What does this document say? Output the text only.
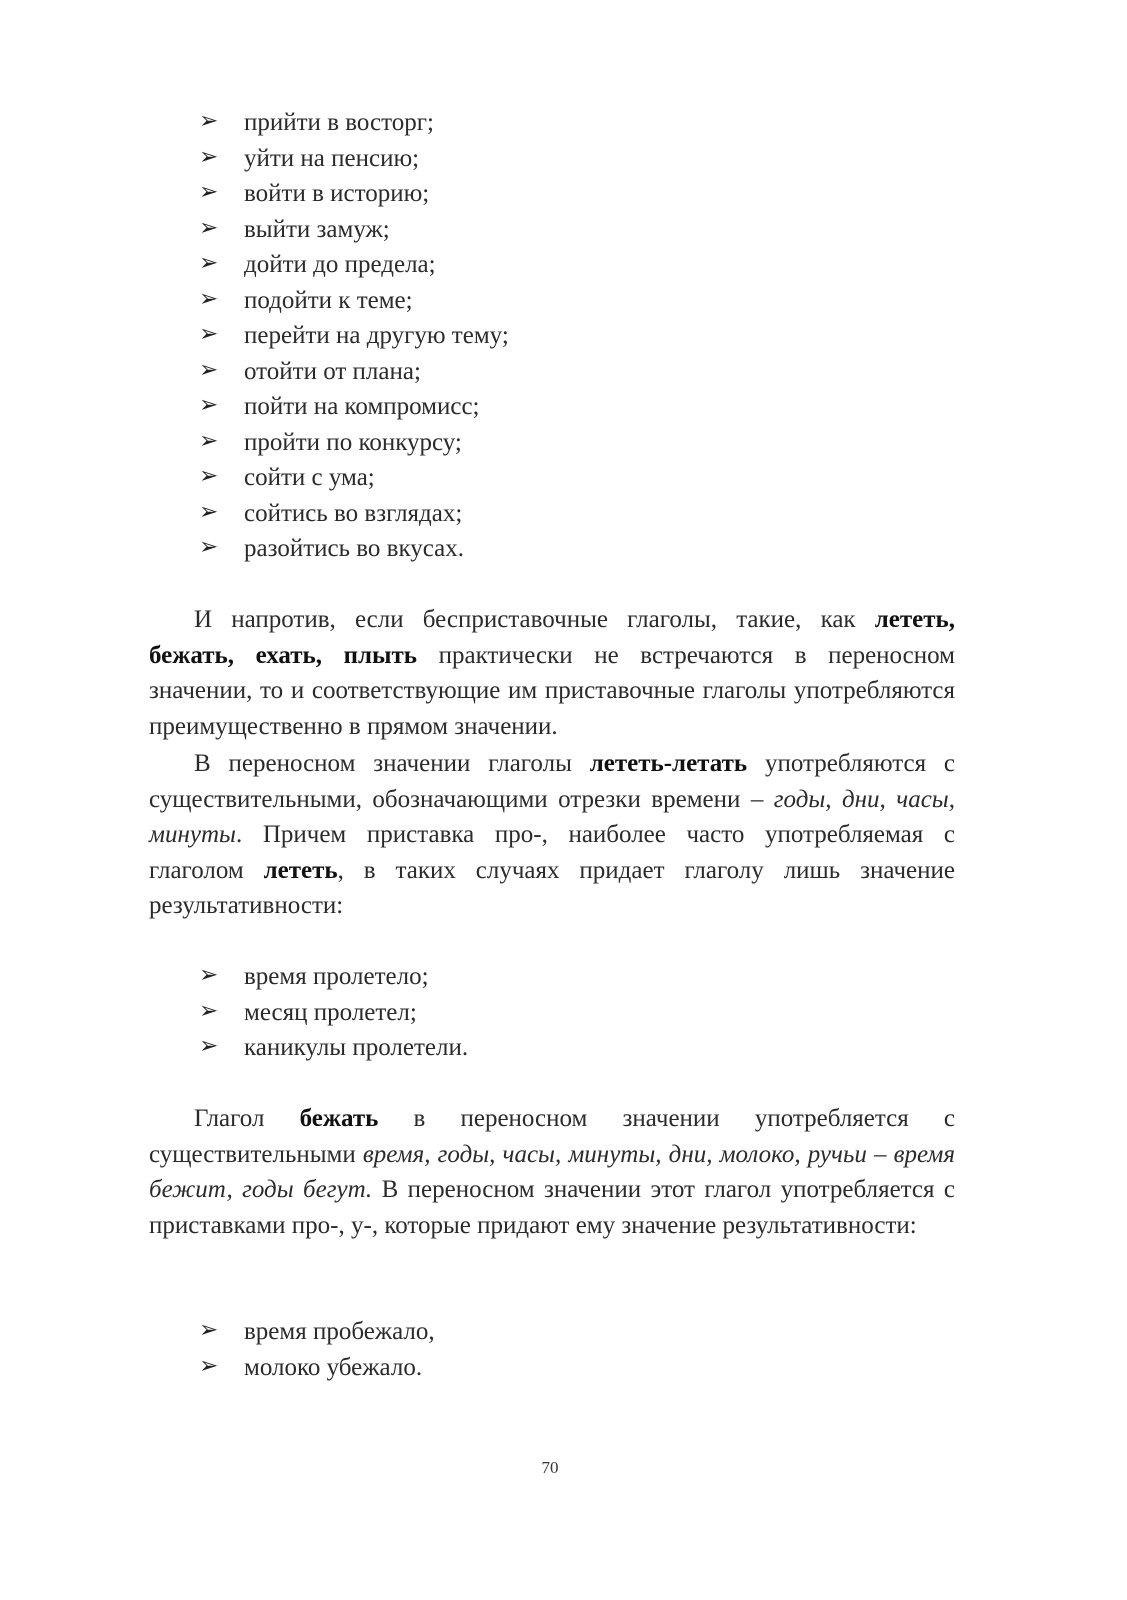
➢ прийти в восторг;
➢ уйти на пенсию;
➢ войти в историю;
➢ выйти замуж;
➢ дойти до предела;
➢ подойти к теме;
➢ перейти на другую тему;
➢ отойти от плана;
➢ пойти на компромисс;
➢ пройти по конкурсу;
➢ сойти с ума;
➢ сойтись во взглядах;
➢ разойтись во вкусах.

И напротив, если бесприставочные глаголы, такие, как лететь, бежать, ехать, плыть практически не встречаются в переносном значении, то и соответствующие им приставочные глаголы употребляются преимущественно в прямом значении.

В переносном значении глаголы лететь-летать употребляются с существительными, обозначающими отрезки времени – годы, дни, часы, минуты. Причем приставка про-, наиболее часто употребляемая с глаголом лететь, в таких случаях придает глаголу лишь значение результативности:

➢ время пролетело;
➢ месяц пролетел;
➢ каникулы пролетели.

Глагол бежать в переносном значении употребляется с существительными время, годы, часы, минуты, дни, молоко, ручьи – время бежит, годы бегут. В переносном значении этот глагол употребляется с приставками про-, у-, которые придают ему значение результативности:

➢ время пробежало,
➢ молоко убежало.
70
